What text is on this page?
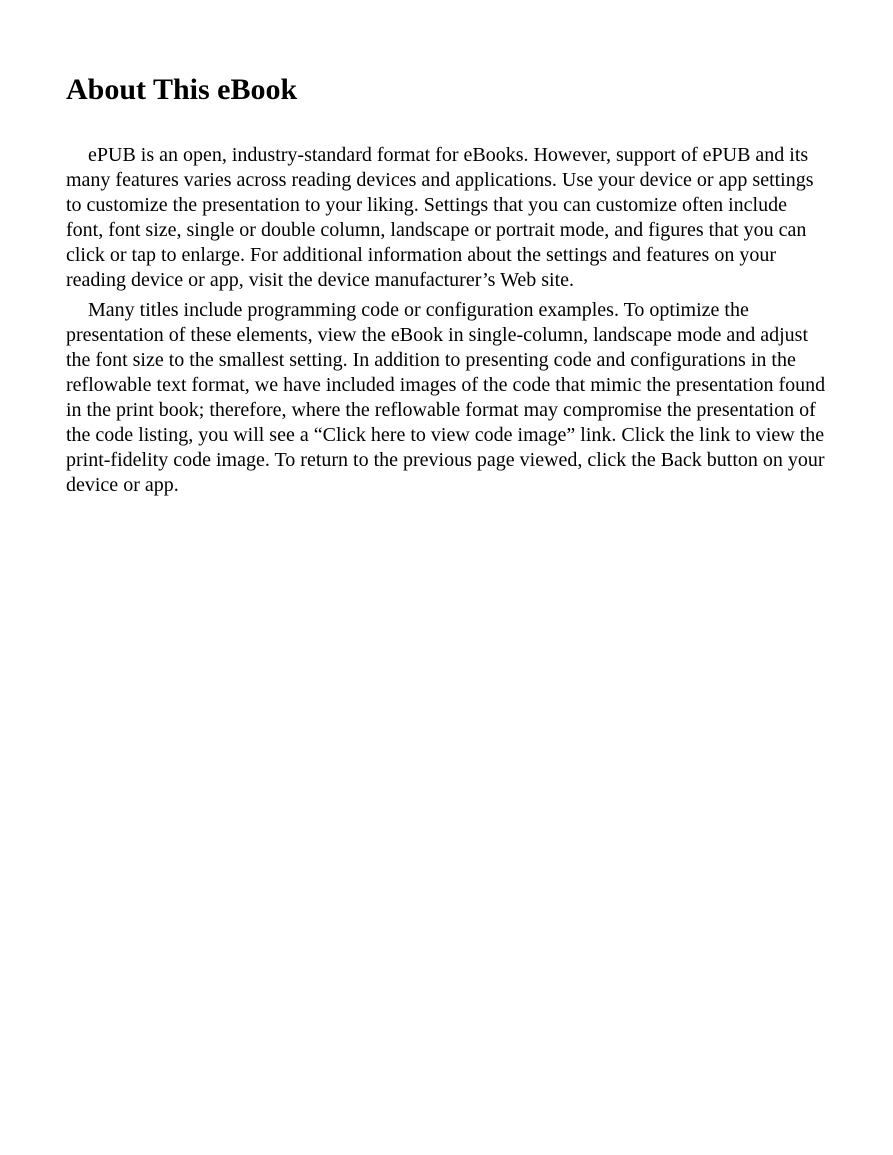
About This eBook

ePUB is an open, industry-standard format for eBooks. However, support of ePUB and its many features varies across reading devices and applications. Use your device or app settings to customize the presentation to your liking. Settings that you can customize often include font, font size, single or double column, landscape or portrait mode, and figures that you can click or tap to enlarge. For additional information about the settings and features on your reading device or app, visit the device manufacturer’s Web site.

Many titles include programming code or configuration examples. To optimize the presentation of these elements, view the eBook in single-column, landscape mode and adjust the font size to the smallest setting. In addition to presenting code and configurations in the reflowable text format, we have included images of the code that mimic the presentation found in the print book; therefore, where the reflowable format may compromise the presentation of the code listing, you will see a “Click here to view code image” link. Click the link to view the print-fidelity code image. To return to the previous page viewed, click the Back button on your device or app.
